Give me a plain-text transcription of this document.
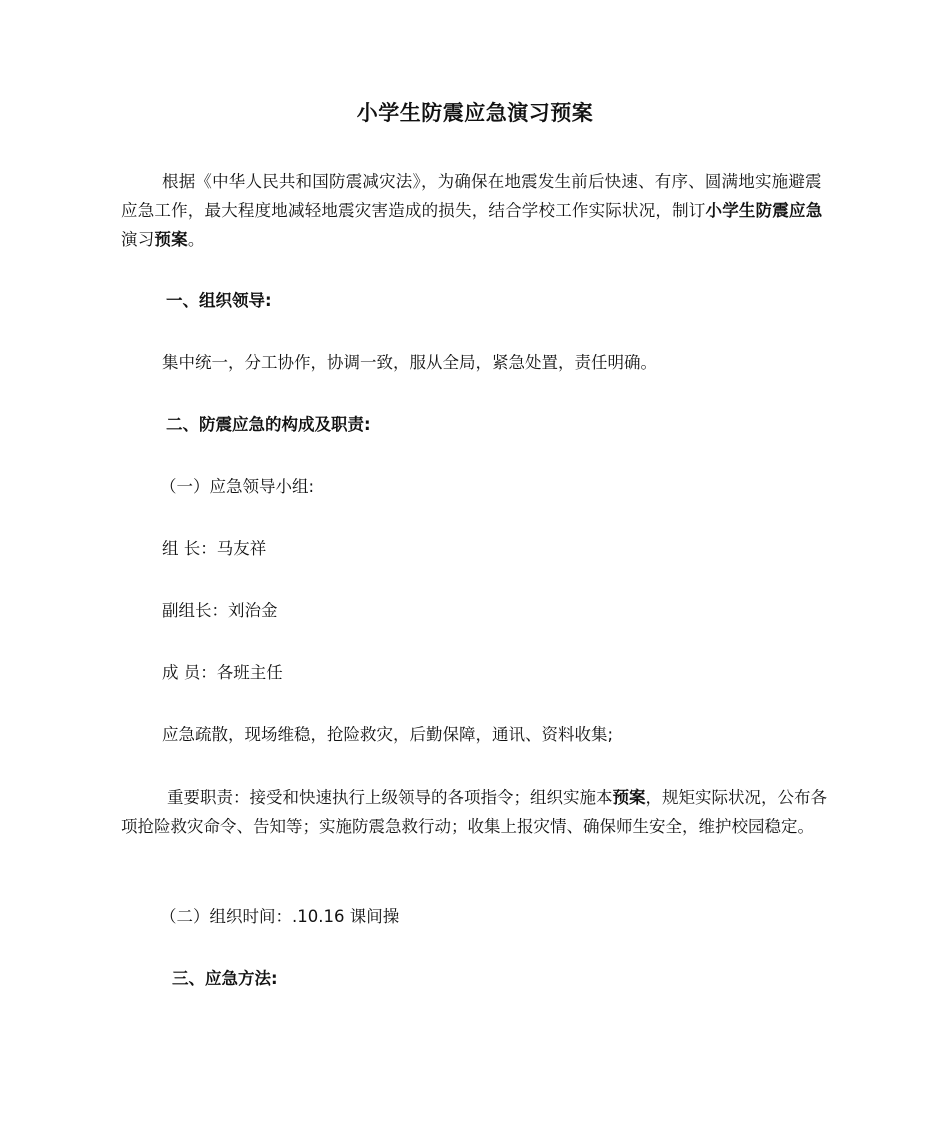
小学生防震应急演习预案
根据《中华人民共和国防震减灾法》，为确保在地震发生前后快速、有序、圆满地实施避震应急工作，最大程度地减轻地震灾害造成的损失，结合学校工作实际状况，制订小学生防震应急演习预案。
一、组织领导:
集中统一，分工协作，协调一致，服从全局，紧急处置，责任明确。
二、防震应急的构成及职责:
（一）应急领导小组:
组 长：马友祥
副组长：刘治金
成 员：各班主任
应急疏散，现场维稳，抢险救灾，后勤保障，通讯、资料收集;
重要职责：接受和快速执行上级领导的各项指令；组织实施本预案，规矩实际状况，公布各项抢险救灾命令、告知等；实施防震急救行动；收集上报灾情、确保师生安全，维护校园稳定。
（二）组织时间：.10.16 课间操
三、应急方法:
